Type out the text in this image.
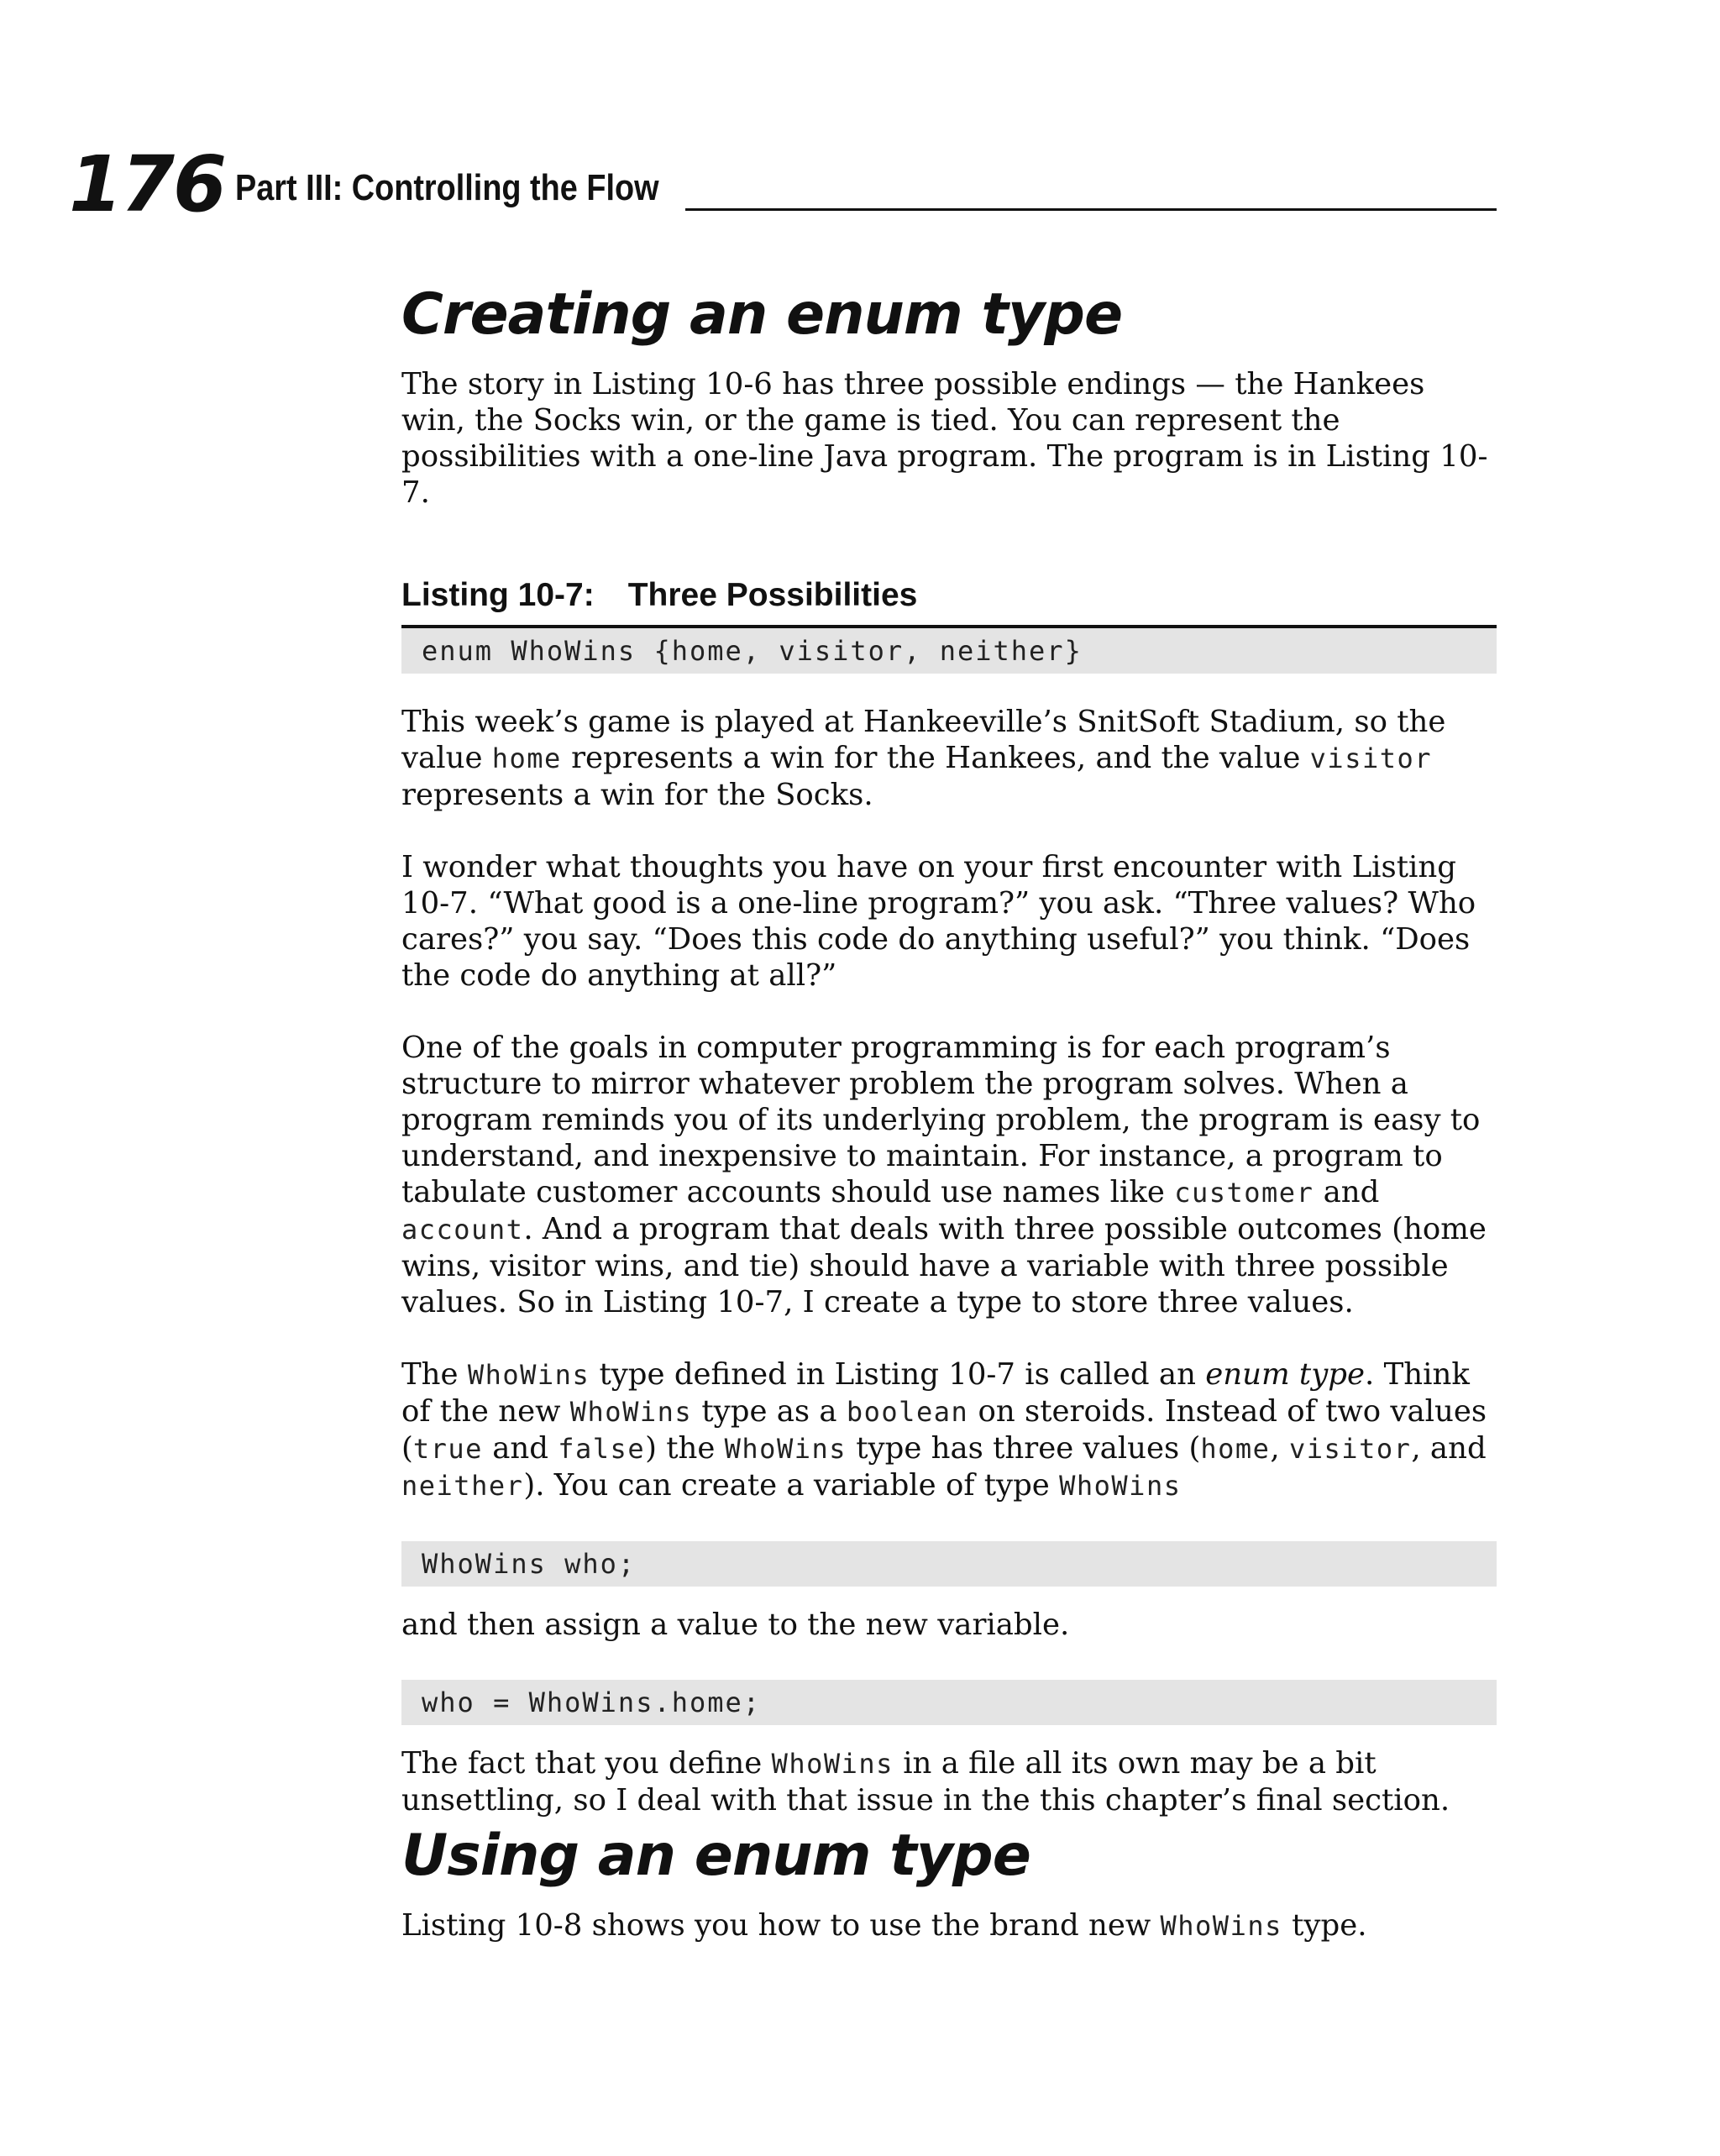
176 Part III: Controlling the Flow
Creating an enum type

The story in Listing 10-6 has three possible endings — the Hankees win, the Socks win, or the game is tied. You can represent the possibilities with a one-line Java program. The program is in Listing 10-7.

Listing 10-7: Three Possibilities
enum WhoWins {home, visitor, neither}

This week’s game is played at Hankeeville’s SnitSoft Stadium, so the value home represents a win for the Hankees, and the value visitor represents a win for the Socks.

I wonder what thoughts you have on your first encounter with Listing 10-7. “What good is a one-line program?” you ask. “Three values? Who cares?” you say. “Does this code do anything useful?” you think. “Does the code do anything at all?”

One of the goals in computer programming is for each program’s structure to mirror whatever problem the program solves. When a program reminds you of its underlying problem, the program is easy to understand, and inexpensive to maintain. For instance, a program to tabulate customer accounts should use names like customer and account. And a program that deals with three possible outcomes (home wins, visitor wins, and tie) should have a variable with three possible values. So in Listing 10-7, I create a type to store three values.

The WhoWins type defined in Listing 10-7 is called an enum type. Think of the new WhoWins type as a boolean on steroids. Instead of two values (true and false) the WhoWins type has three values (home, visitor, and neither). You can create a variable of type WhoWins

WhoWins who;

and then assign a value to the new variable.

who = WhoWins.home;

The fact that you define WhoWins in a file all its own may be a bit unsettling, so I deal with that issue in the this chapter’s final section.

Using an enum type

Listing 10-8 shows you how to use the brand new WhoWins type.
